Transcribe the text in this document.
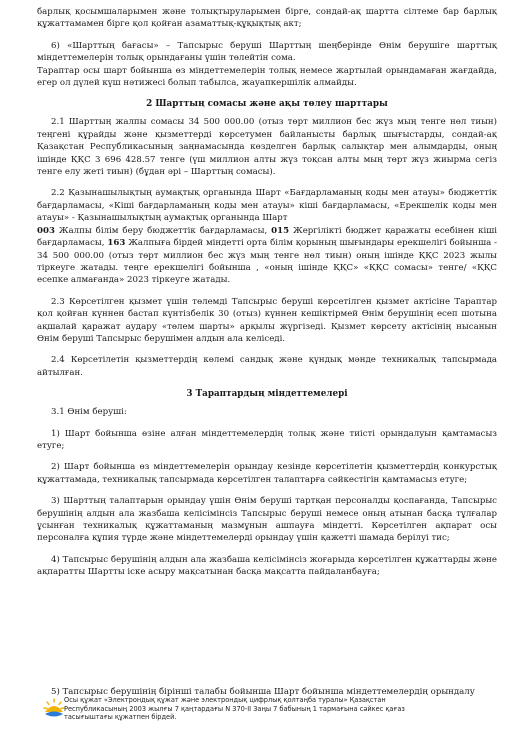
барлық қосымшаларымен және толықтыруларымен бірге, сондай-ақ шартта сілтеме бар барлық құжаттамамен бірге қол қойған азаматтық-құқықтық акт;

6) «Шарттың бағасы» – Тапсырыс беруші Шарттың шеңберінде Өнім берушіге шарттық міндеттемелерін толық орындағаны үшін төлейтін сома.

Тараптар осы шарт бойынша өз міндеттемелерін толық немесе жартылай орындамаған жағдайда, егер ол дүлей күш нәтижесі болып табылса, жауапкершілік алмайды.

2 Шарттың сомасы және ақы төлеу шарттары

2.1 Шарттың жалпы сомасы 34 500 000.00 (отыз төрт миллион бес жүз мың тенге нөл тиын) теңгені құрайды және қызметтерді көрсетумен байланысты барлық шығыстарды, сондай-ақ Қазақстан Республикасының заңнамасында көзделген барлық салықтар мен алымдарды, оның ішінде ҚҚС 3 696 428.57 тенге (үш миллион алты жүз тоқсан алты мың төрт жүз жиырма сегіз тенге елу жеті тиын) (бұдан әрі – Шарттың сомасы).

2.2 Қазынашылықтың аумақтық органында Шарт «Бағдарламаның коды мен атауы» бюджеттік бағдарламасы, «Кіші бағдарламаның коды мен атауы» кіші бағдарламасы, «Ерекшелік коды мен атауы» - Қазынашылықтың аумақтық органында Шарт
003 Жалпы білім беру бюджеттік бағдарламасы, 015 Жергілікті бюджет қаражаты есебінен кіші бағдарламасы, 163 Жалпыға бірдей міндетті орта білім қорының шығындары ерекшелігі бойынша - 34 500 000.00 (отыз төрт миллион бес жүз мың тенге нөл тиын) оның ішінде ҚҚС 2023 жылы тіркеуге жатады. теңге ерекшелігі бойынша , «оның ішінде ҚҚС» «ҚҚС сомасы» тенге/ «ҚҚС есепке алмағанда» 2023 тіркеуге жатады.

2.3 Көрсетілген қызмет үшін төлемді Тапсырыс беруші көрсетілген қызмет актісіне Тараптар қол қойған күннен бастап күнтізбелік 30 (отыз) күннен кешіктірмей Өнім берушінің есеп шотына ақшалай қаражат аудару «төлем шарты» арқылы жүргізеді. Қызмет көрсету актісінің нысанын Өнім беруші Тапсырыс берушімен алдын ала келіседі.

2.4 Көрсетілетін қызметтердің көлемі сандық және қүндық мәнде техникалық тапсырмада айтылған.

3 Тараптардың міндеттемелері

3.1 Өнім беруші:

1) Шарт бойынша өзіне алған міндеттемелердің толық және тиісті орындалуын қамтамасыз етуге;

2) Шарт бойынша өз міндеттемелерін орындау кезінде көрсетілетін қызметтердің конкурстық құжаттамада, техникалық тапсырмада көрсетілген талаптарға сәйкестігін қамтамасыз етуге;

3) Шарттың талаптарын орындау үшін Өнім беруші тартқан персоналды қоспағанда, Тапсырыс берушінің алдын ала жазбаша келісімінсіз Тапсырыс беруші немесе оның атынан басқа тұлғалар ұсынған техникалық құжаттаманың мазмұнын ашпауға міндетті. Көрсетілген ақпарат осы персоналға құпия түрде және міндеттемелерді орындау үшін қажетті шамада берілуі тис;

4) Тапсырыс берушінің алдын ала жазбаша келісімінсіз жоғарыда көрсетілген құжаттарды және ақпаратты Шартты іске асыру мақсатынан басқа мақсатта пайдаланбауға;

5) Тапсырыс берушінің бірінші талабы бойынша Шарт бойынша міндеттемелердің орындалу
Осы құжат «Электрондық құжат және электрондық цифрлық қолтаңба туралы» Қазақстан
Республикасының 2003 жылғы 7 қаңтардағы N 370-II Заңы 7 бабының 1 тармағына сәйкес қағаз
тасығыштағы құжатпен бірдей.
